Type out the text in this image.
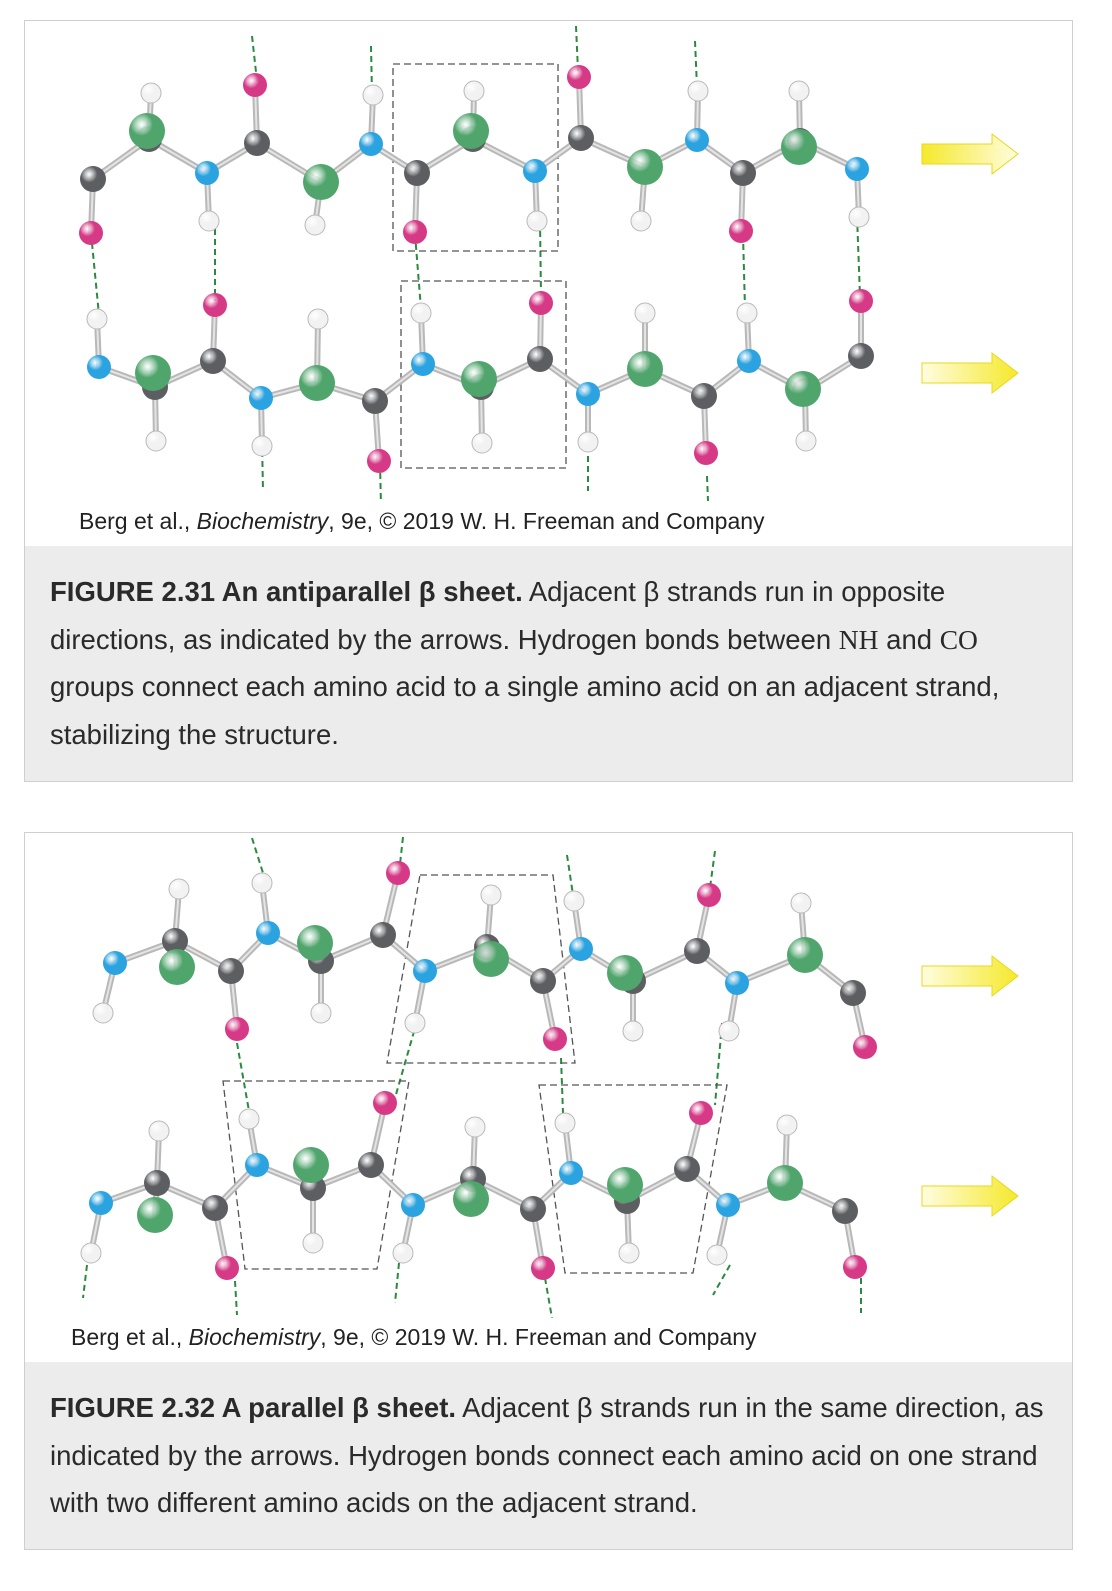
Berg et al., Biochemistry, 9e, © 2019 W. H. Freeman and Company
FIGURE 2.31 An antiparallel β sheet. Adjacent β strands run in opposite directions, as indicated by the arrows. Hydrogen bonds between NH and CO groups connect each amino acid to a single amino acid on an adjacent strand, stabilizing the structure.
Berg et al., Biochemistry, 9e, © 2019 W. H. Freeman and Company
FIGURE 2.32 A parallel β sheet. Adjacent β strands run in the same direction, as indicated by the arrows. Hydrogen bonds connect each amino acid on one strand with two different amino acids on the adjacent strand.
